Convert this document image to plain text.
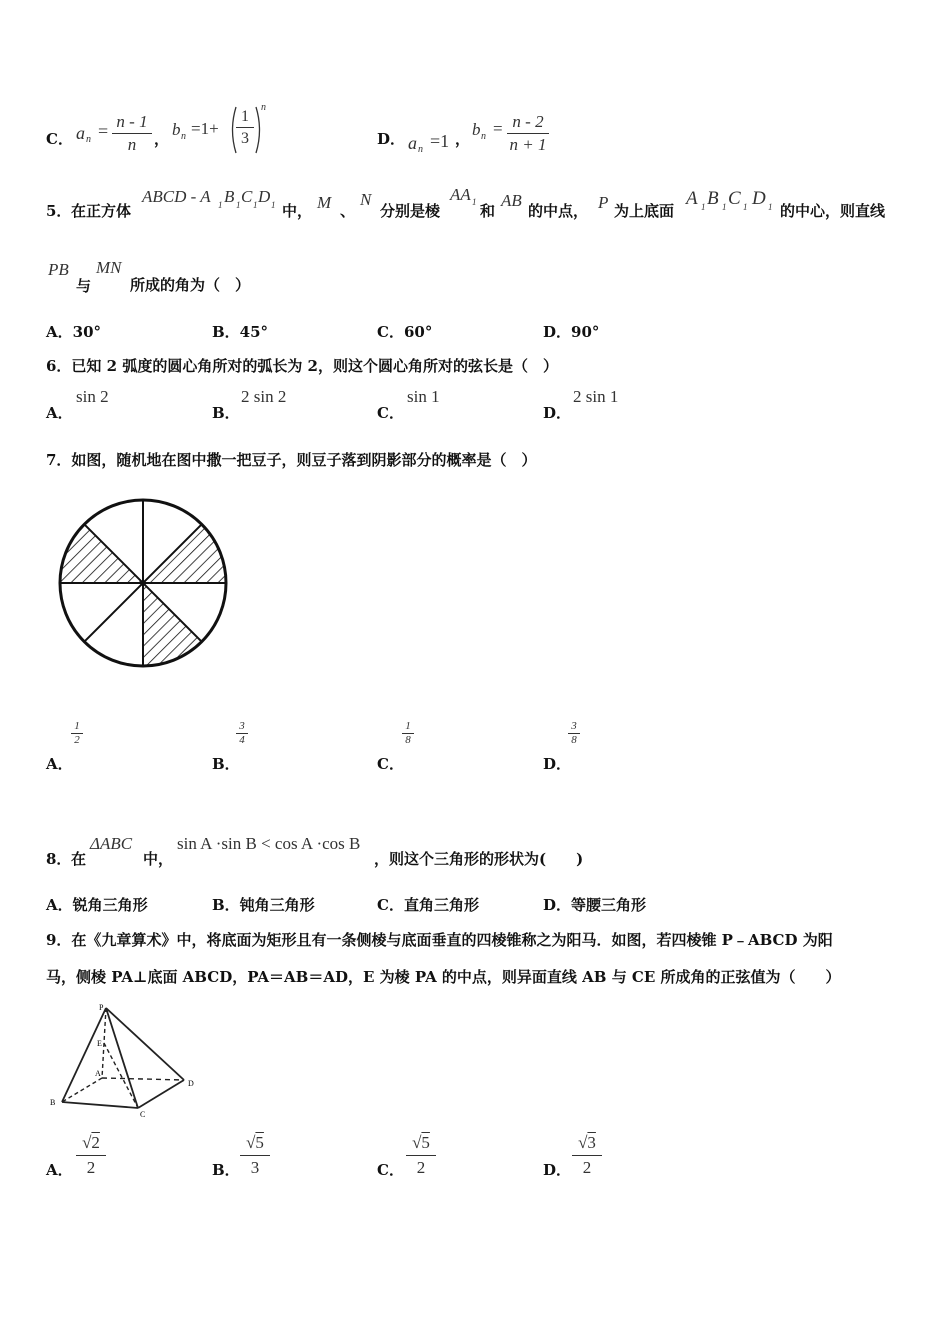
C． a $n = \frac{n - 1}{n}$ ， b $n =1+ \frac{1}{3}$ n
D． a n =1 ， b $n = \frac{n - 2}{n + 1}$
5． 在正方体
ABCD - A 1 B 1 C 1 D 1 中， M 、
N
分别是棱
AA 1 和
AB
的中点， P 为上底面
A 1 B 1 C 1 D 1 的中心，则直线
PB
与
MN
所成的角为（　）
A．30°	B．45°	C．60°	D．90°
6．已知 2 弧度的圆心角所对的弧长为 2，则这个圆心角所对的弦长是（　）
A．
sin 2
B．
2 sin 2
C．
sin 1
D．
2 sin 1
7．如图，随机地在图中撒一把豆子，则豆子落到阴影部分的概率是（　）
A．
$\frac{1}{2}$
B．
$\frac{3}{4}$
C．
$\frac{1}{8}$
D．
$\frac{3}{8}$
8． 在
ΔABC
中，
sin A ·sin B < cos A ·cos B
，则这个三角形的形状为(　　)
A．锐角三角形	B．钝角三角形	C．直角三角形	D．等腰三角形
9．在《九章算术》中，将底面为矩形且有一条侧棱与底面垂直的四棱锥称之为阳马．如图，若四棱锥 P﹣ABCD 为阳
马，侧棱 PA⊥底面 ABCD，PA＝AB＝AD，E 为棱 PA 的中点，则异面直线 AB 与 CE 所成角的正弦值为（　　）
P
E
A
B
C
D
A． $\frac{√2}{2}$	B． $\frac{√5}{3}$	C． $\frac{√5}{2}$	D． $\frac{√3}{2}$
